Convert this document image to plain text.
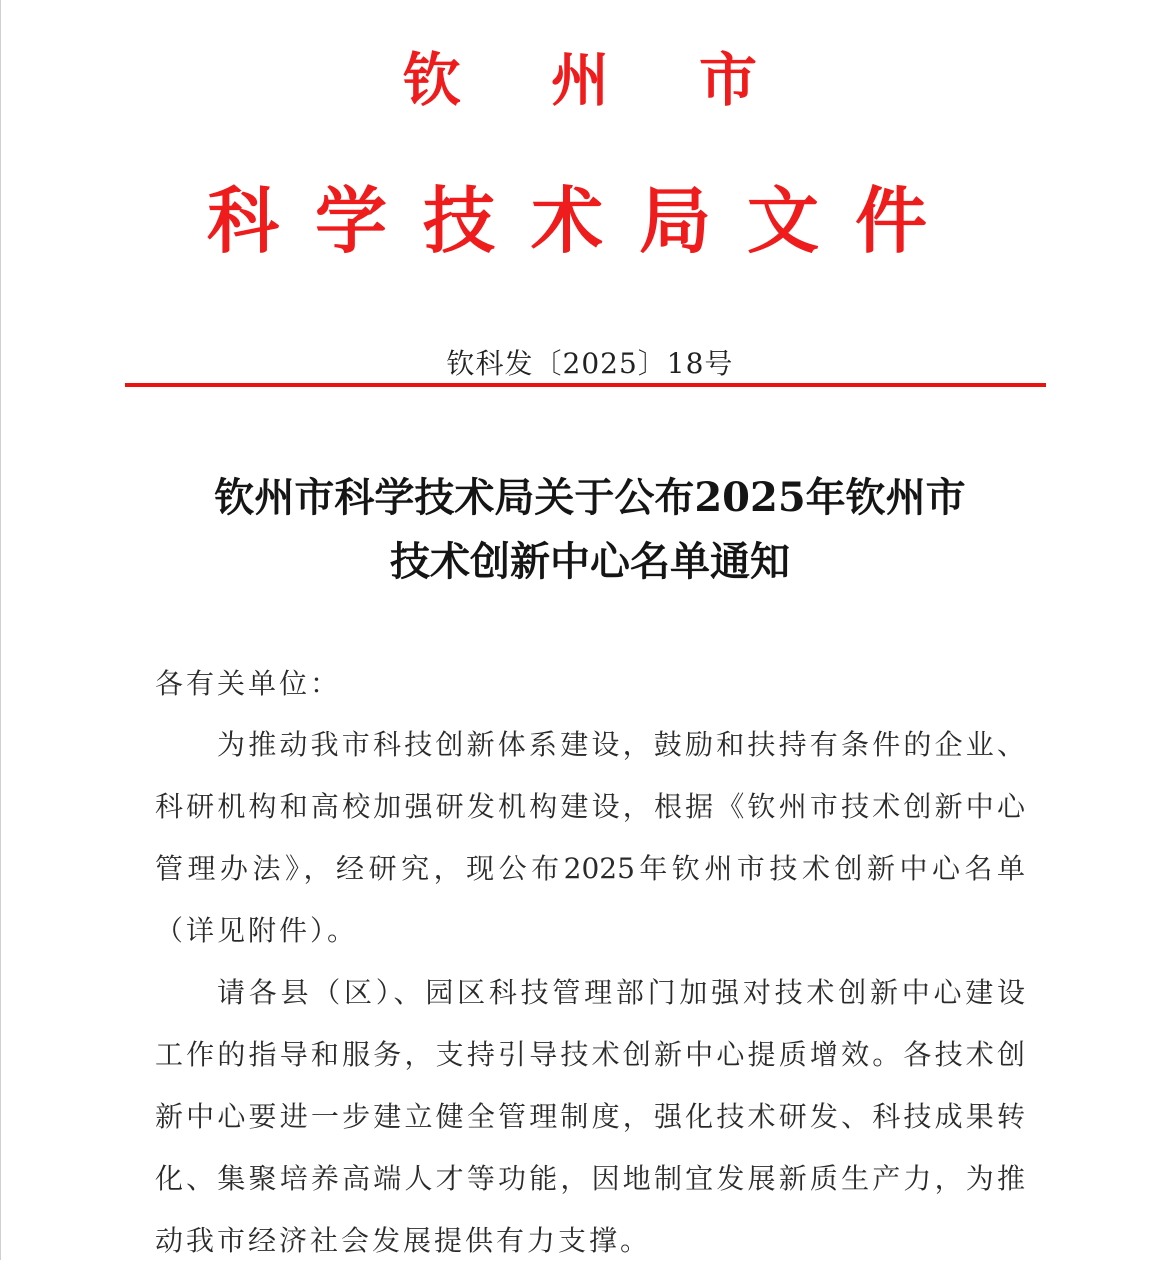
钦 州 市
科学技术局文件
钦科发〔2025〕18号
钦州市科学技术局关于公布2025年钦州市
技术创新中心名单通知
各有关单位：
为推动我市科技创新体系建设，鼓励和扶持有条件的企业、
科研机构和高校加强研发机构建设，根据《钦州市技术创新中心
管理办法》，经研究，现公布2025年钦州市技术创新中心名单
（详见附件）。
请各县（区）、园区科技管理部门加强对技术创新中心建设
工作的指导和服务，支持引导技术创新中心提质增效。各技术创
新中心要进一步建立健全管理制度，强化技术研发、科技成果转
化、集聚培养高端人才等功能，因地制宜发展新质生产力，为推
动我市经济社会发展提供有力支撑。
